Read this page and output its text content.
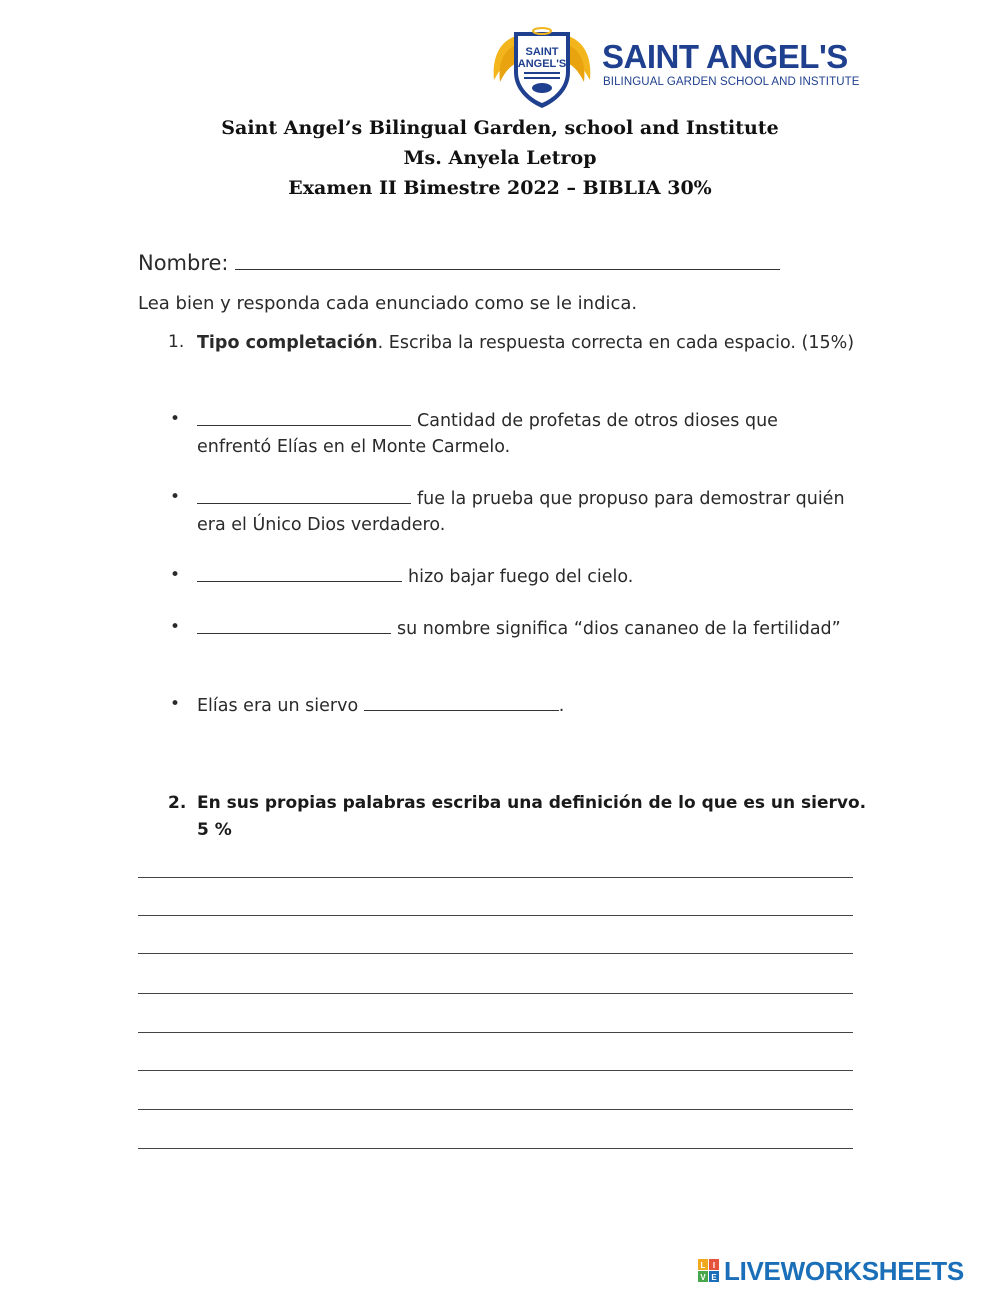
SAINT
ANGEL'S SAINT ANGEL'S
BILINGUAL GARDEN SCHOOL AND INSTITUTE
Saint Angel’s Bilingual Garden, school and Institute
Ms. Anyela Letrop
Examen II Bimestre 2022 – BIBLIA 30%
Nombre:
Lea bien y responda cada enunciado como se le indica.
1. Tipo completación. Escriba la respuesta correcta en cada espacio. (15%)
•	Cantidad de profetas de otros dioses que enfrentó Elías en el Monte Carmelo.
•	fue la prueba que propuso para demostrar quién era el Único Dios verdadero.
•	hizo bajar fuego del cielo.
•	su nombre significa “dios cananeo de la fertilidad”
• Elías era un siervo	.
2. En sus propias palabras escriba una definición de lo que es un siervo. 5 %
L I
V E LIVEWORKSHEETS
